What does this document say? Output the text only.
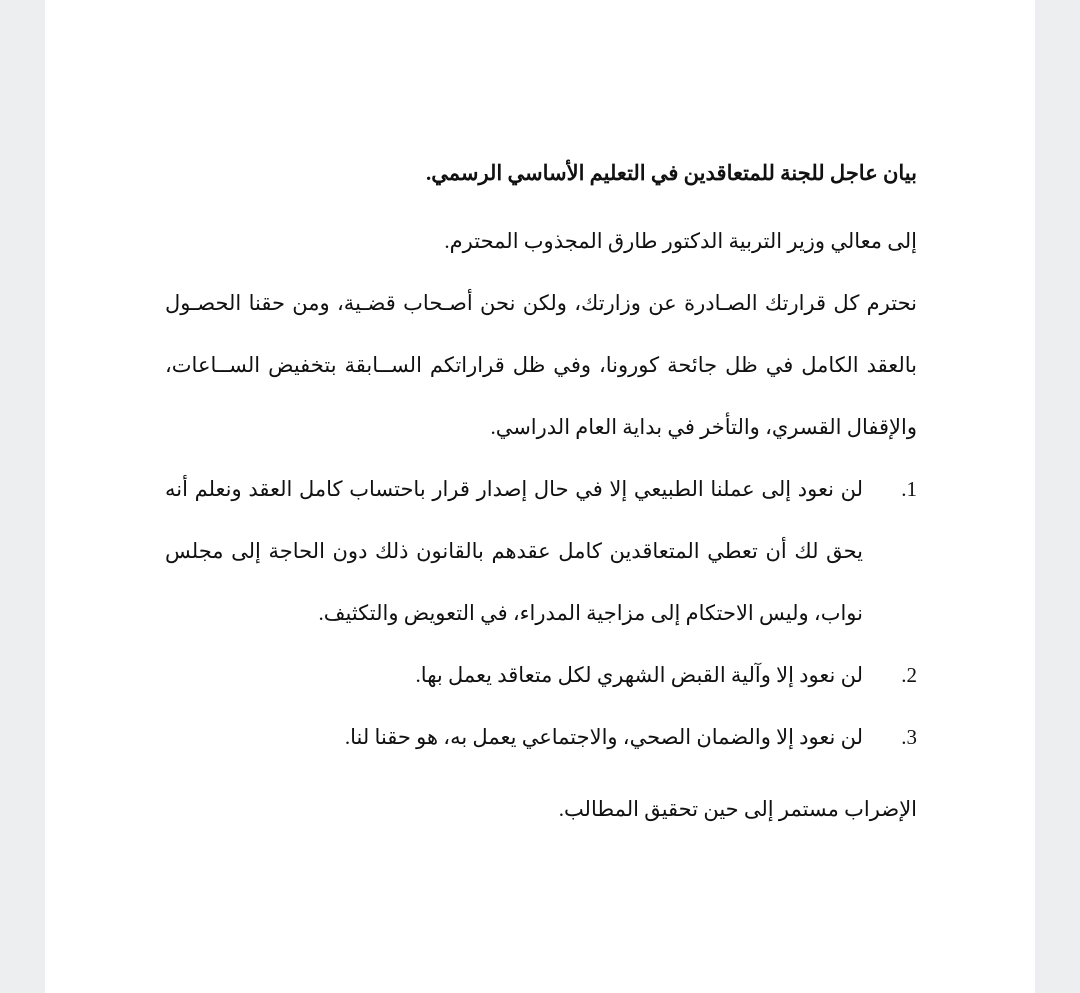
بيان عاجل للجنة للمتعاقدين في التعليم الأساسي الرسمي.

إلى معالي وزير التربية الدكتور طارق المجذوب المحترم.

نحترم كل قرارتك الصـادرة عن وزارتك، ولكن نحن أصـحاب قضـية، ومن حقنا الحصـول

بالعقد الكامل في ظل جائحة كورونا، وفي ظل قراراتكم الســابقة بتخفيض الســاعات،

والإقفال القسري، والتأخر في بداية العام الدراسي.

1.

لن نعود إلى عملنا الطبيعي إلا في حال إصدار قرار باحتساب كامل العقد ونعلم أنه

يحق لك أن تعطي المتعاقدين كامل عقدهم بالقانون ذلك دون الحاجة إلى مجلس

نواب، وليس الاحتكام إلى مزاجية المدراء، في التعويض والتكثيف.

2.

لن نعود إلا وآلية القبض الشهري لكل متعاقد يعمل بها.

3.

لن نعود إلا والضمان الصحي، والاجتماعي يعمل به، هو حقنا لنا.

الإضراب مستمر إلى حين تحقيق المطالب.
